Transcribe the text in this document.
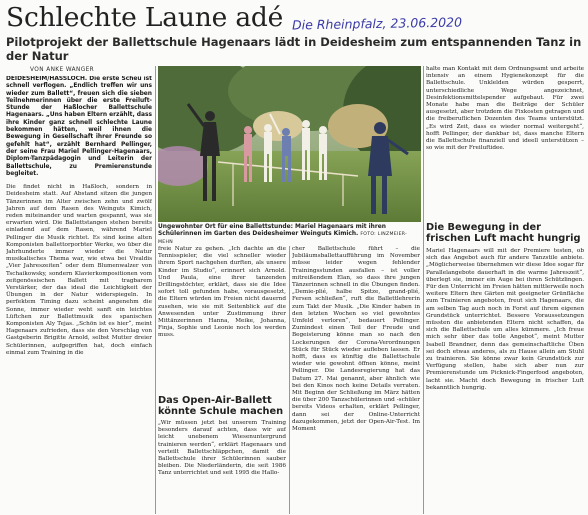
Schlechte Laune adé Die Rheinpfalz, 23.06.2020
Pilotprojekt der Ballettschule Hagenaars lädt in Deidesheim zum entspannenden Tanz in der Natur
VON ANKE WANGER
DEIDESHEIM/HASSLOCH. Die erste Scheu ist schnell verflogen. „Endlich treffen wir uns wieder zum Ballett“, freuen sich die sieben Teilnehmerinnen über die erste Freiluft-Stunde der Haßlocher Ballettschule Hagenaars. „Uns haben Eltern erzählt, dass ihre Kinder ganz schnell schlechte Laune bekommen hätten, weil ihnen die Bewegung in Gesellschaft ihrer Freunde so gefehlt hat“, erzählt Bernhard Pellinger, der seine Frau Mariel Pellinger-Hagenaars, Diplom-Tanzpädagogin und Leiterin der Ballettschule, zu Premierenstunde begleitet.
Die findet nicht in Haßloch, sondern in Deidesheim statt. Auf Abstand sitzen die jungen Tänzerinnen im Alter zwischen zehn und zwölf Jahren auf dem Rasen des Weinguts Kimich, reden miteinander und warten gespannt, was sie erwarten wird. Die Ballettstangen stehen bereits einladend auf dem Rasen, während Mariel Pellinger die Musik richtet. Es sind keine alten Komponisten ballettorporbter Werke, wo über die Jahrhunderte immer wieder die Natur musikalisches Thema war, wie etwa bei Vivaldis „Vier Jahreszeiten“ oder dem Blumenwalzer von Tschaikowsky, sondern Klavierkompositionen vom zeitgenössischen Ballett mit tragbarem Verstärker, der das ideal die Leichtigkeit der Übungen in der Natur widerspiegeln. In perfektem Timing dazu scheint angenehm die Sonne, immer wieder weht sanft ein leichtes Lüftchen zur Ballettmusik des spanischen Komponisten Aly Tejas. „Schön ist es hier“, meint Hagenaars zufrieden, dass sie den Vorschlag von Gastgeberin Brigitte Arnold, selbst Mutter dreier Schülerinnen, aufgegriffen hat, doch einfach einmal zum Training in die
Ungewohnter Ort für eine Ballettstunde: Mariel Hagenaars mit ihren Schülerinnen im Garten des Deidesheimer Weinguts Kimich. FOTO: LINZMEIER-MEHN
freie Natur zu gehen. „Ich dachte an die Tennisspieler, die viel schneller wieder ihrem Sport nachgehen durften, als unsere Kinder im Studio“, erinnert sich Arnold. Und Paula, eine ihrer tanzenden Drillingstöchter, erklärt, dass sie die Idee sofort toll gefunden habe, vorausgesetzt, die Eltern würden im Freien nicht dauernd zusehen, wie sie mit Seitenblick auf die Anwesenden unter Zustimmung ihrer Mittänzerinnen Hanna, Meike, Johanna, Finja, Sophie und Leonie noch los werden muss.
Das Open-Air-Ballett könnte Schule machen
„Wir müssen jetzt bei unserem Training besonders darauf achten, dass wir auf leicht unebenem Wiesenuntergrund trainieren werden“, erklärt Hagenaars und verteilt Ballettschläppchen, damit die Ballettschule ihrer Schülerinnen sauber bleiben. Die Niederländerin, die seit 1986 Tanz unterrichtet und seit 1995 die Hallo-
cher Ballettschule führt – die Jubiläumsballettaufführung im November müsse leider wegen fehlender Trainingsstunden ausfallen – ist voller mitreißendem Elan, so dass ihre jungen Tänzerinnen schnell in die Übungen finden. „Demie-plié, halbe Spitze, grand-plié, Fersen schließen“, ruft die Ballettlehrerin zum Takt der Musik. „Die Kinder haben in den letzten Wochen so viel gewohntes Umfeld verloren“, bedauert Pellinger. Zumindest einen Teil der Freude und Begeisterung könne man so nach den Lockerungen der Corona-Verordnungen Stück für Stück wieder aufleben lassen. Er hofft, dass es künftig die Ballettschule wieder wie gewohnt öffnen könne, meint Pellinger. Die Landesregierung hat das Datum 27. Mai genannt, aber ähnlich wie bei den Kinos noch keine Details verraten. Mit Beginn der Schließung im März hätten die über 200 Tanzschülerinnen und -schüler bereits Videos erhalten, erklärt Pellinger, dann sei der Online-Unterricht dazugekommen, jetzt der Open-Air-Test. Im Moment
halte man Kontakt mit dem Ordnungsamt und arbeite intensiv an einem Hygienekonzept für die Ballettschule. Unklelden würden gesperrt, unterschiedliche Wege angezeichnet, Desinfektionsmittelspender aufgebaut. Für zwei Monate habe man die Beiträge der Schüler ausgesetzt, aber trotzdem die Fixkosten getragen und die freiberuflichen Dozenten des Teams unterstützt. „Es wird Zeit, dass es wieder normal weitergeht“, hofft Pellinger, der dankbar ist, dass manche Eltern die Ballettschule finanziell und ideell unterstützen – so wie mit der Freiluftidee.
Die Bewegung in der frischen Luft macht hungrig
Mariel Hagenaars will mit der Premiere testen, ob sich das Angebot auch für andere Tanzstile anbiete. „Möglicherweise übernehmen wir diese Idee sogar für Parallelangebote dauerhaft in die warme Jahreszeit“, überlegt sie, immer ein Auge bei ihren Schützlingen. Für den Unterricht im Freien hätten mittlerweile noch weitere Eltern ihre Gärten mit geeigneter Grünfläche zum Trainieren angeboten, freut sich Hagenaars, die am selben Tag auch noch in Forst auf ihrem eigenen Grundstück unterrichtet. Bessere Voraussetzungen müssten die anbietenden Eltern nicht schaffen, da sich die Ballettschule um alles kümmere. „Ich freue mich sehr über das tolle Angebot“, meint Mutter Isabell Brandner, denn das gemeinschaftliche Üben sei doch etwas anderes, als zu Hause allein am Stuhl zu trainieren. Sie könne zwar kein Grundstück zur Verfügung stellen, habe sich aber nun zur Premierenstunde um Picknick-Fingerfood angeboten, lacht sie. Macht doch Bewegung in frischer Luft bekanntlich hungrig.
